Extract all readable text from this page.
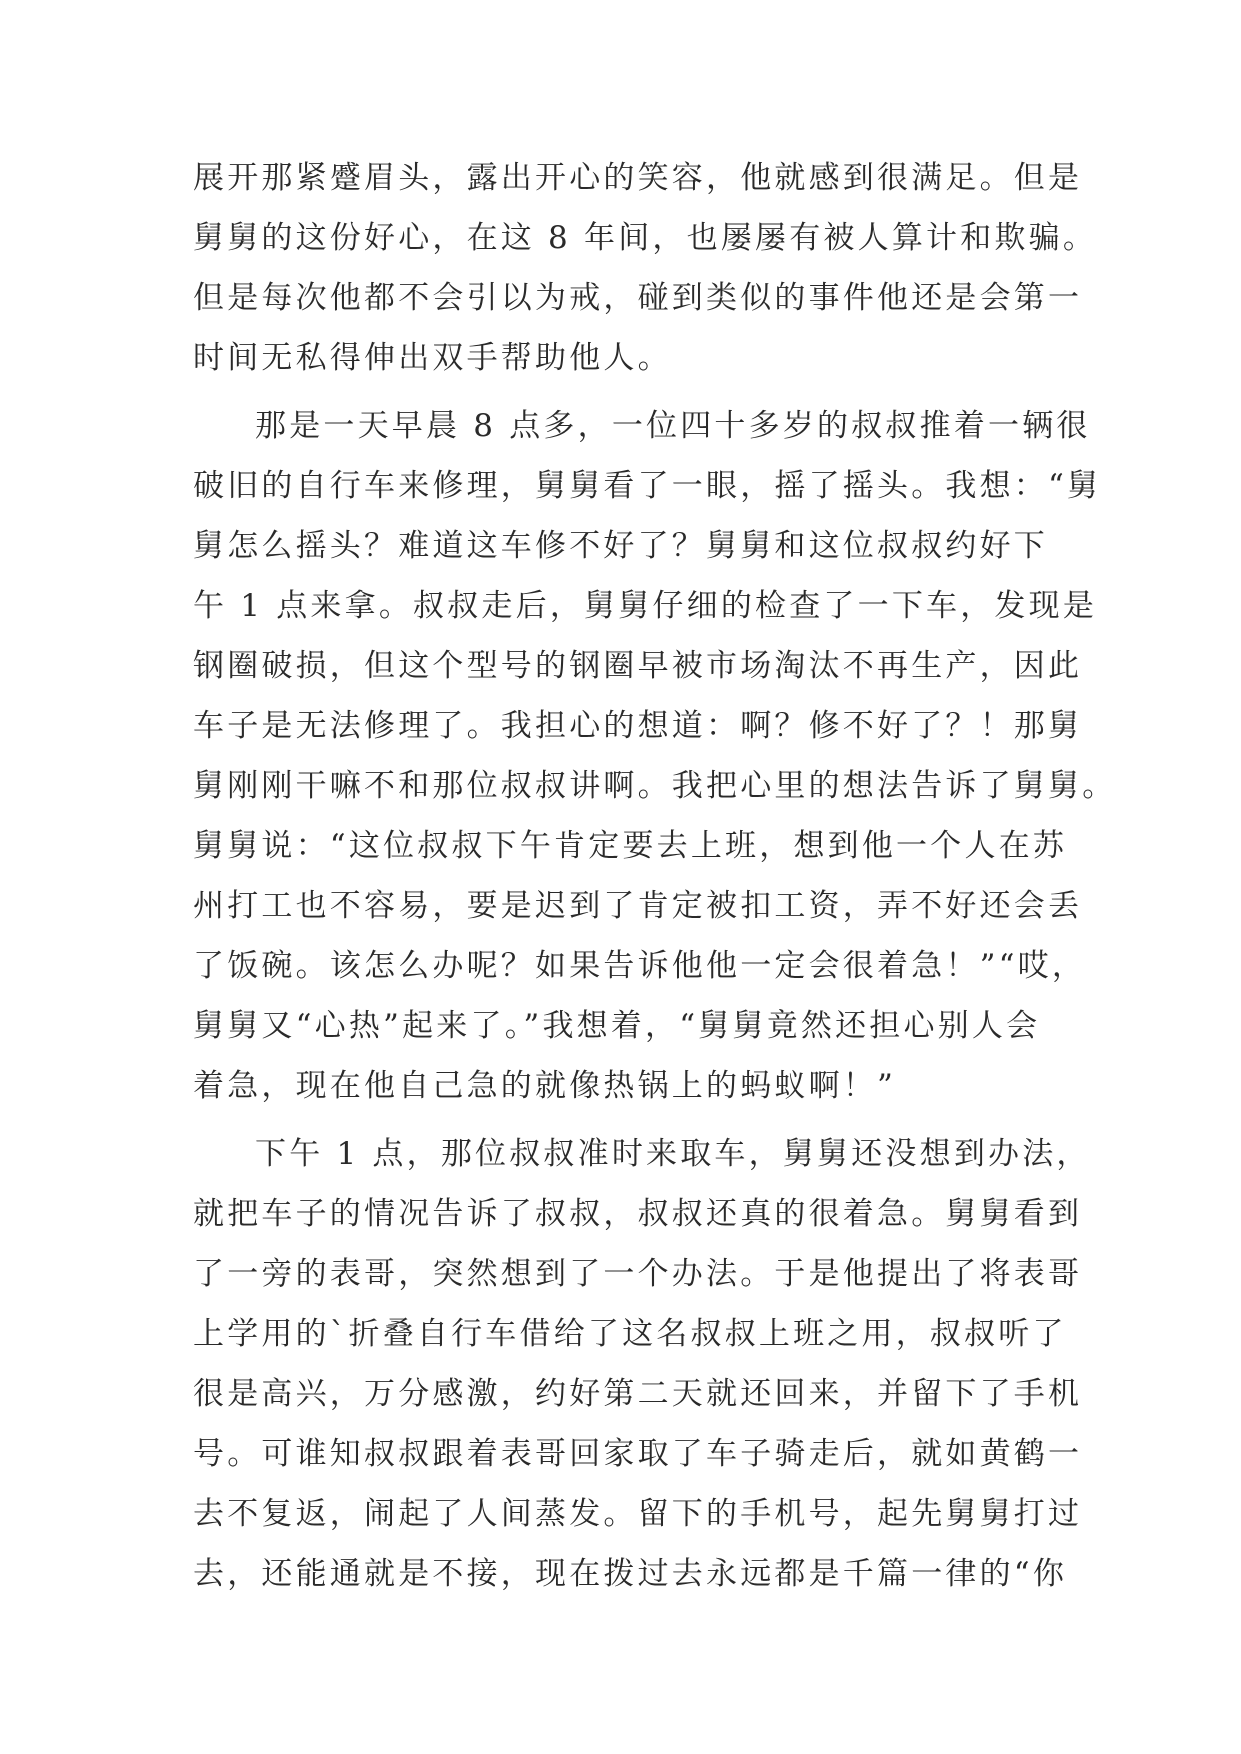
展开那紧蹙眉头，露出开心的笑容，他就感到很满足。但是
舅舅的这份好心，在这 8 年间，也屡屡有被人算计和欺骗。
但是每次他都不会引以为戒，碰到类似的事件他还是会第一
时间无私得伸出双手帮助他人。
那是一天早晨 8 点多，一位四十多岁的叔叔推着一辆很
破旧的自行车来修理，舅舅看了一眼，摇了摇头。我想：“舅
舅怎么摇头？难道这车修不好了？舅舅和这位叔叔约好下
午 1 点来拿。叔叔走后，舅舅仔细的检查了一下车，发现是
钢圈破损，但这个型号的钢圈早被市场淘汰不再生产，因此
车子是无法修理了。我担心的想道：啊？修不好了？！那舅
舅刚刚干嘛不和那位叔叔讲啊。我把心里的想法告诉了舅舅。
舅舅说：“这位叔叔下午肯定要去上班，想到他一个人在苏
州打工也不容易，要是迟到了肯定被扣工资，弄不好还会丢
了饭碗。该怎么办呢？如果告诉他他一定会很着急！”“哎，
舅舅又“心热”起来了。”我想着，“舅舅竟然还担心别人会
着急，现在他自己急的就像热锅上的蚂蚁啊！”
下午 1 点，那位叔叔准时来取车，舅舅还没想到办法，
就把车子的情况告诉了叔叔，叔叔还真的很着急。舅舅看到
了一旁的表哥，突然想到了一个办法。于是他提出了将表哥
上学用的`折叠自行车借给了这名叔叔上班之用，叔叔听了
很是高兴，万分感激，约好第二天就还回来，并留下了手机
号。可谁知叔叔跟着表哥回家取了车子骑走后，就如黄鹤一
去不复返，闹起了人间蒸发。留下的手机号，起先舅舅打过
去，还能通就是不接，现在拨过去永远都是千篇一律的“你
